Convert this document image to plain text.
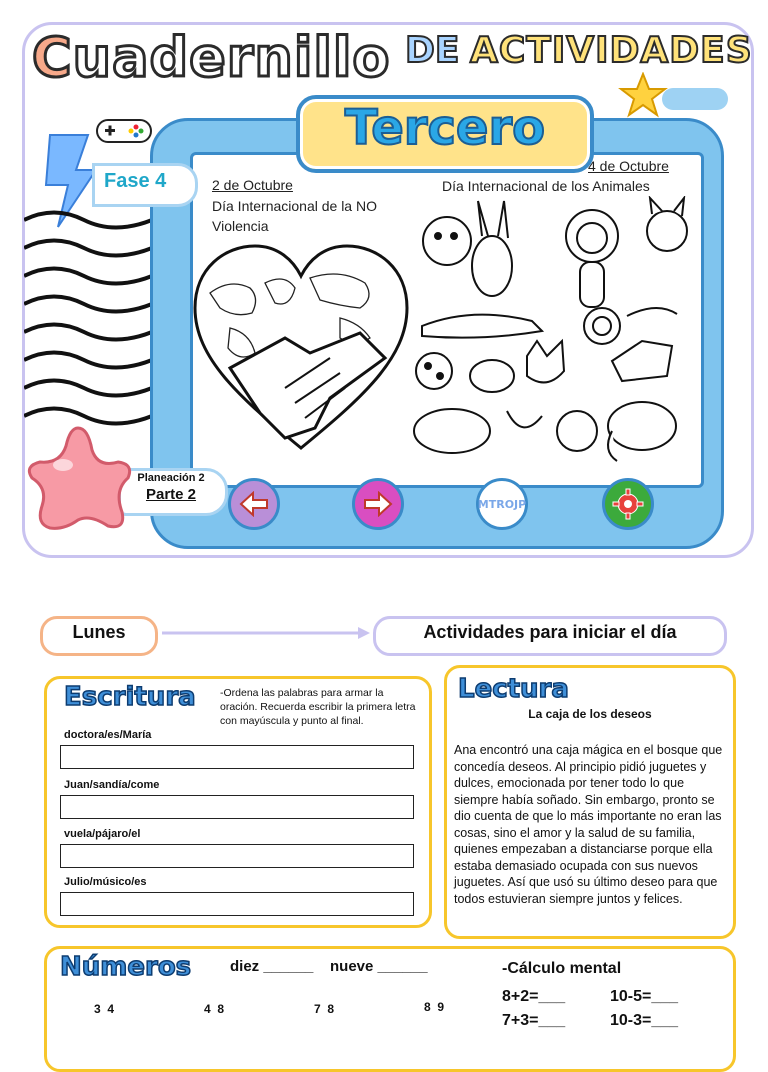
Cuadernillo DE ACTIVIDADES
Tercero
Fase 4	2 de Octubre
Día Internacional de la NO Violencia
4 de Octubre
Día Internacional de los Animales
Planeación 2
Parte 2
MTROJP
Lunes	Actividades para iniciar el día
Escritura -Ordena las palabras para armar la oración. Recuerda escribir la primera letra con mayúscula y punto al final.
doctora/es/María
Juan/sandía/come
vuela/pájaro/el
Julio/músico/es
Lectura
La caja de los deseos
Ana encontró una caja mágica en el bosque que concedía deseos. Al principio pidió juguetes y dulces, emocionada por tener todo lo que siempre había soñado. Sin embargo, pronto se dio cuenta de que lo más importante no eran las cosas, sino el amor y la salud de su familia, quienes empezaban a distanciarse porque ella estaba demasiado ocupada con sus nuevos juguetes. Así que usó su último deseo para que todos estuvieran siempre juntos y felices.
Números	diez ______ nueve ______
3  4	4  8	7  8	8  9
-Cálculo mental
8+2=___	10-5=___
7+3=___	10-3=___
